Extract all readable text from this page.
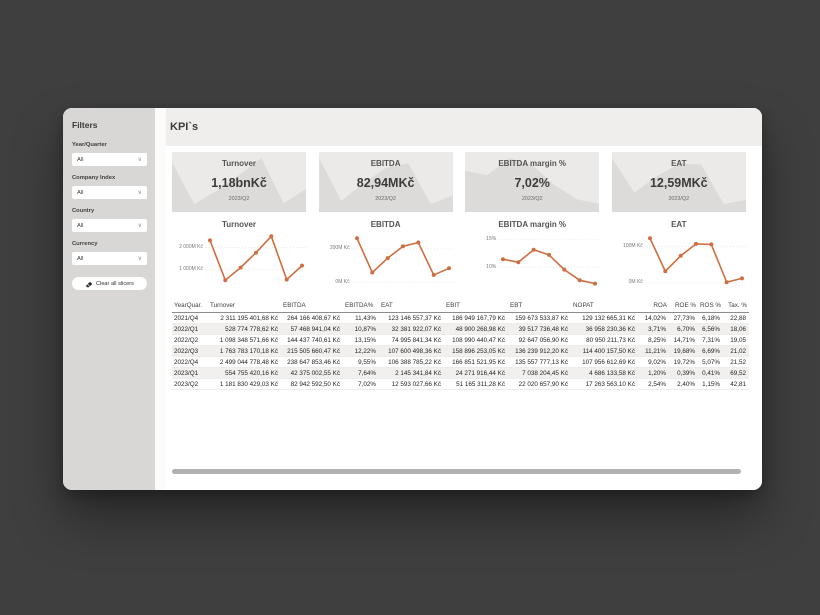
Filters
Year/Quarter
All	∨
Company Index
All	∨
Country
All	∨
Currency
All	∨
Clear all slicers
KPI`s
Turnover
1,18bnKč
2023/Q2
EBITDA
82,94MKč
2023/Q2
EBITDA margin %
7,02%
2023/Q2
EAT
12,59MKč
2023/Q2
Turnover
2 000M Kč
1 000M Kč
EBITDA
200M Kč
0M Kč
EBITDA margin %
15%
10%
EAT
100M Kč
0M Kč
YearQuar.	Turnover	EBITDA	EBITDA%	EAT	EBIT	EBT	NOPAT	ROA	ROE %	ROS %	Tax. %
2021/Q4	2 311 195 401,68 Kč	264 166 408,67 Kč	11,43%	123 146 557,37 Kč	186 949 167,79 Kč	159 673 533,87 Kč	129 132 665,31 Kč	14,02%	27,73%	6,18%	22,88
2022/Q1	528 774 778,62 Kč	57 468 941,04 Kč	10,87%	32 381 922,07 Kč	48 900 268,98 Kč	39 517 736,48 Kč	36 958 230,36 Kč	3,71%	6,70%	6,56%	18,06
2022/Q2	1 098 348 571,66 Kč	144 437 740,61 Kč	13,15%	74 995 841,34 Kč	108 990 440,47 Kč	92 647 056,90 Kč	80 950 211,73 Kč	8,25%	14,71%	7,31%	19,05
2022/Q3	1 763 783 170,18 Kč	215 505 660,47 Kč	12,22%	107 600 498,36 Kč	158 896 253,05 Kč	136 239 912,20 Kč	114 400 157,50 Kč	11,21%	19,68%	6,69%	21,02
2022/Q4	2 499 044 778,48 Kč	238 647 853,46 Kč	9,55%	106 388 785,22 Kč	166 851 521,95 Kč	135 557 777,13 Kč	107 956 612,69 Kč	9,02%	19,72%	5,07%	21,52
2023/Q1	554 755 420,16 Kč	42 375 002,55 Kč	7,64%	2 145 341,84 Kč	24 271 916,44 Kč	7 038 204,45 Kč	4 686 133,58 Kč	1,20%	0,39%	0,41%	69,52
2023/Q2	1 181 830 429,03 Kč	82 942 592,50 Kč	7,02%	12 593 027,66 Kč	51 165 311,28 Kč	22 020 657,90 Kč	17 263 563,10 Kč	2,54%	2,40%	1,15%	42,81
